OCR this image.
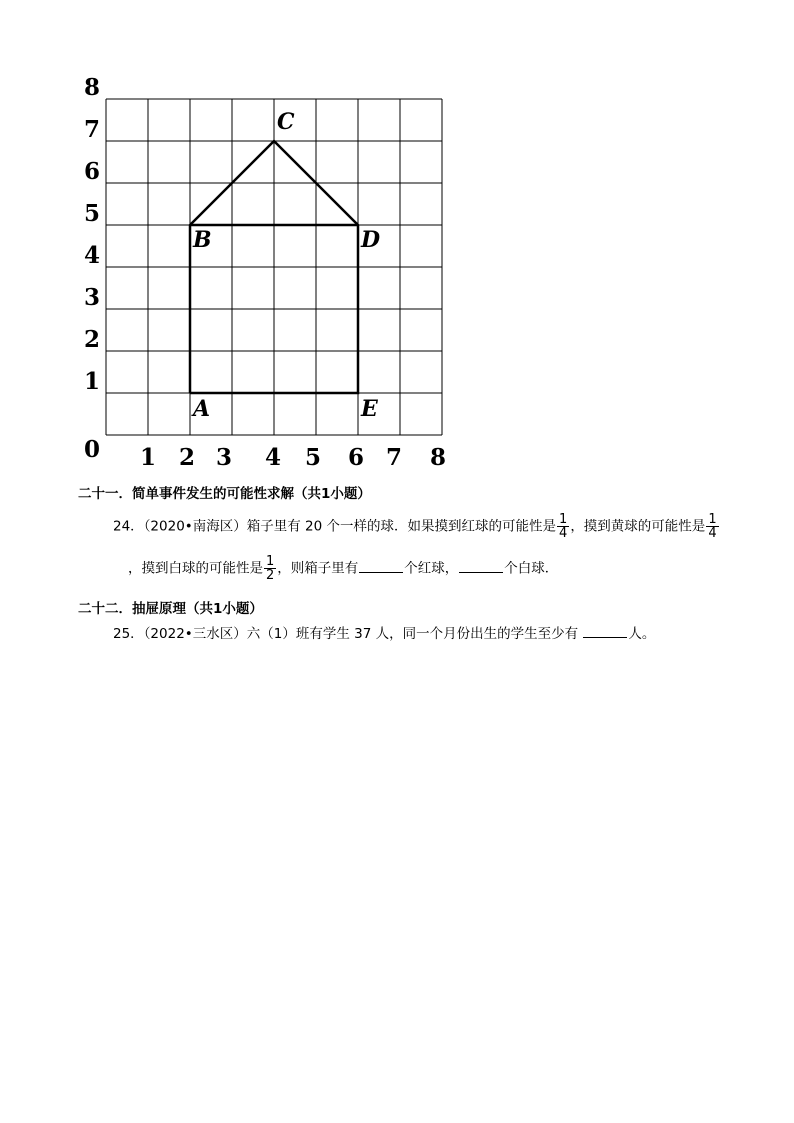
0
1
2
3
4
5
6
7
8
1 2 3 4 5 6 7 8
A
B
C
D
E
二十一．简单事件发生的可能性求解（共1小题）

24．（2020•南海区）箱子里有 20 个一样的球．如果摸到红球的可能性是 $\frac{1}{4}$ ，摸到黄球的可能性是 $\frac{1}{4}$

，摸到白球的可能性是 $\frac{1}{2}$ ，则箱子里有	个红球，	个白球．

二十二．抽屉原理（共1小题）

25．（2022•三水区）六（1）班有学生 37 人，同一个月份出生的学生至少有	人。
